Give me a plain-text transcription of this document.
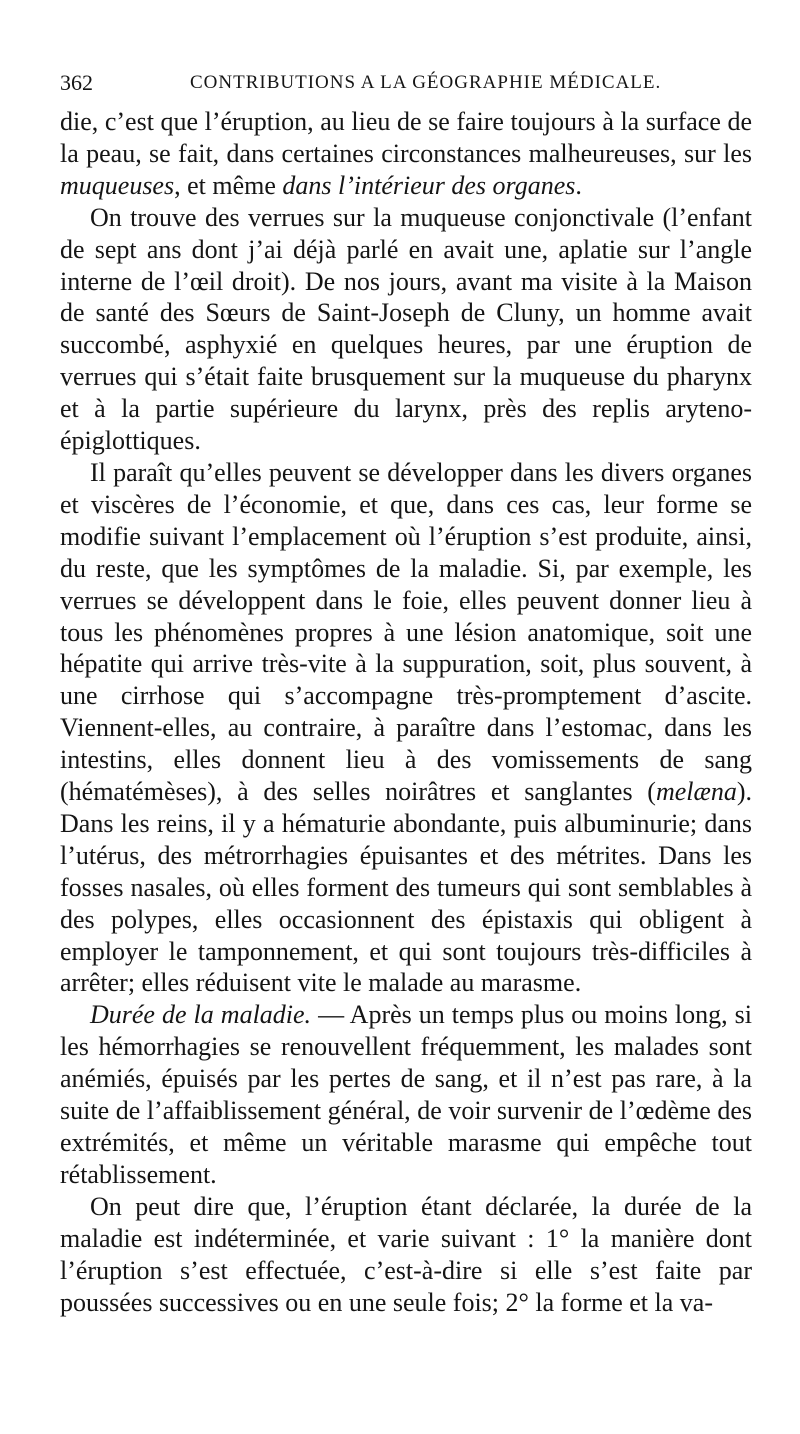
362	CONTRIBUTIONS A LA GÉOGRAPHIE MÉDICALE.

die, c’est que l’éruption, au lieu de se faire toujours à la surface de la peau, se fait, dans certaines circonstances malheureuses, sur les muqueuses, et même dans l’intérieur des organes.

On trouve des verrues sur la muqueuse conjonctivale (l’enfant de sept ans dont j’ai déjà parlé en avait une, aplatie sur l’angle interne de l’œil droit). De nos jours, avant ma visite à la Maison de santé des Sœurs de Saint-Joseph de Cluny, un homme avait succombé, asphyxié en quelques heures, par une éruption de verrues qui s’était faite brusquement sur la muqueuse du pharynx et à la partie supérieure du larynx, près des replis aryteno-épiglottiques.

Il paraît qu’elles peuvent se développer dans les divers organes et viscères de l’économie, et que, dans ces cas, leur forme se modifie suivant l’emplacement où l’éruption s’est produite, ainsi, du reste, que les symptômes de la maladie. Si, par exemple, les verrues se développent dans le foie, elles peuvent donner lieu à tous les phénomènes propres à une lésion anatomique, soit une hépatite qui arrive très-vite à la suppuration, soit, plus souvent, à une cirrhose qui s’accompagne très-promptement d’ascite. Viennent-elles, au contraire, à paraître dans l’estomac, dans les intestins, elles donnent lieu à des vomissements de sang (hématémèses), à des selles noirâtres et sanglantes (melæna). Dans les reins, il y a hématurie abondante, puis albuminurie; dans l’utérus, des métrorrhagies épuisantes et des métrites. Dans les fosses nasales, où elles forment des tumeurs qui sont semblables à des polypes, elles occasionnent des épistaxis qui obligent à employer le tamponnement, et qui sont toujours très-difficiles à arrêter; elles réduisent vite le malade au marasme.

Durée de la maladie. — Après un temps plus ou moins long, si les hémorrhagies se renouvellent fréquemment, les malades sont anémiés, épuisés par les pertes de sang, et il n’est pas rare, à la suite de l’affaiblissement général, de voir survenir de l’œdème des extrémités, et même un véritable marasme qui empêche tout rétablissement.

On peut dire que, l’éruption étant déclarée, la durée de la maladie est indéterminée, et varie suivant : 1° la manière dont l’éruption s’est effectuée, c’est-à-dire si elle s’est faite par poussées successives ou en une seule fois; 2° la forme et la va-
